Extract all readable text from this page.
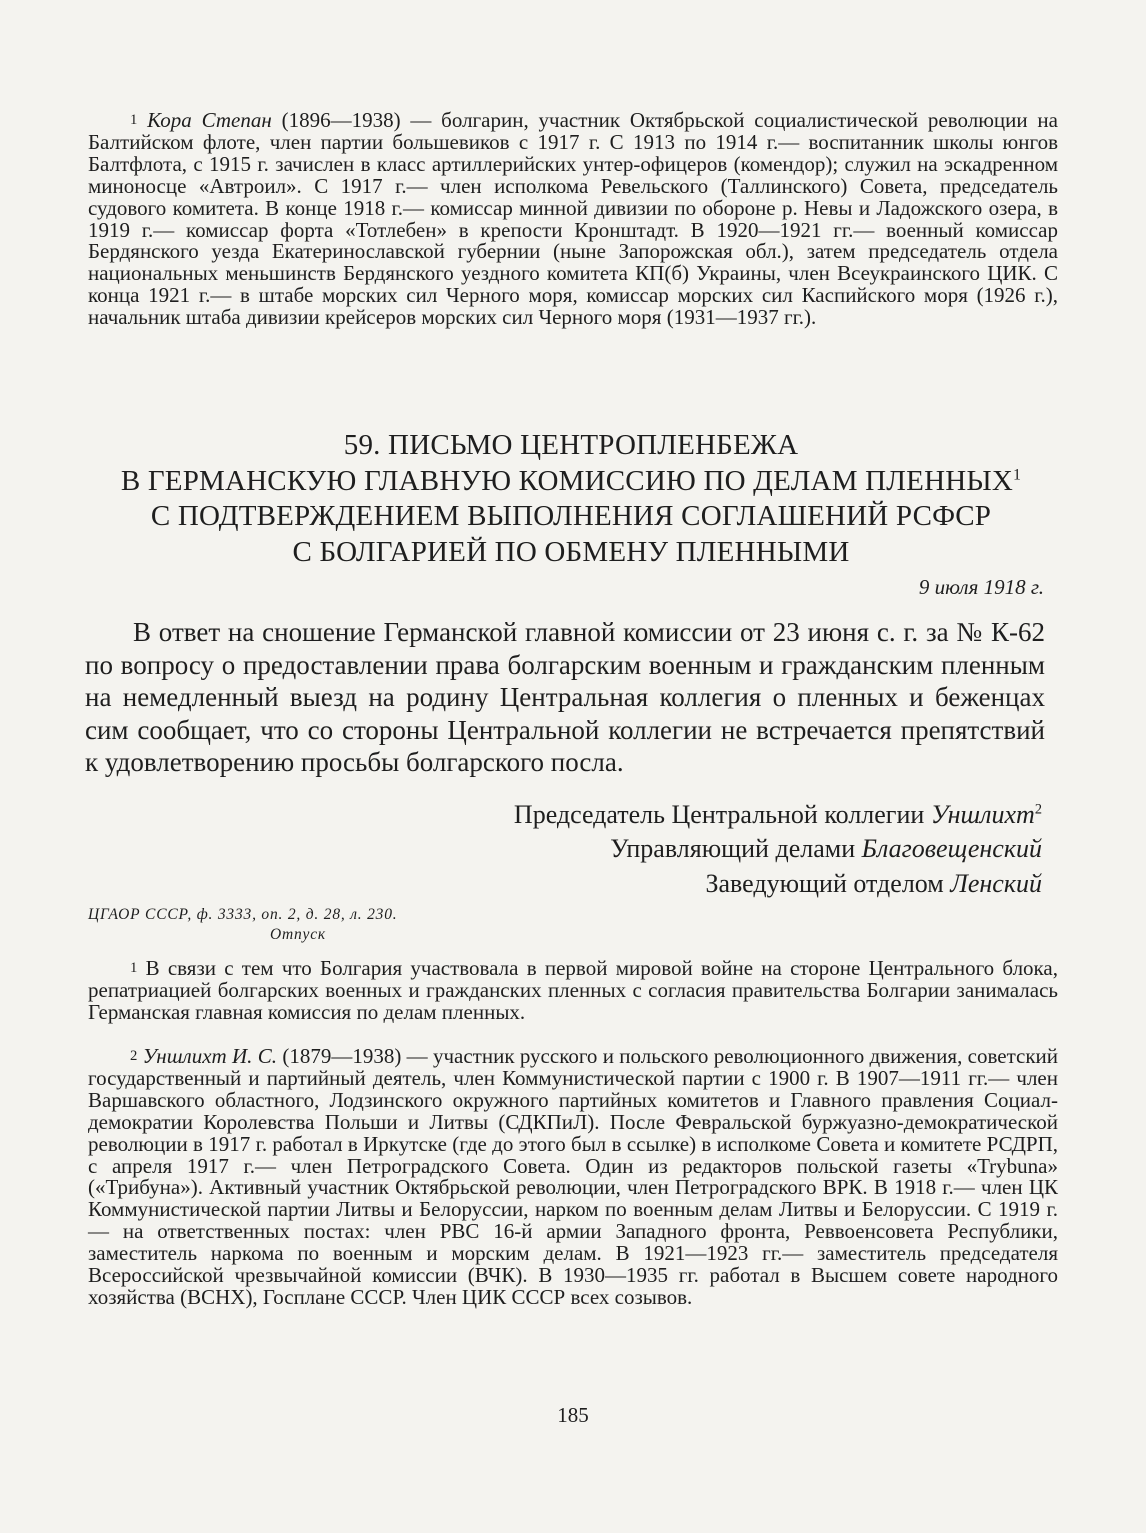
1 Кора Степан (1896—1938) — болгарин, участник Октябрьской социалистической революции на Балтийском флоте, член партии большевиков с 1917 г. С 1913 по 1914 г.— воспитанник школы юнгов Балтфлота, с 1915 г. зачислен в класс артиллерийских унтер-офицеров (комендор); служил на эскадренном миноносце «Автроил». С 1917 г.— член исполкома Ревельского (Таллинского) Совета, председатель судового комитета. В конце 1918 г.— комиссар минной дивизии по обороне р. Невы и Ладожского озера, в 1919 г.— комиссар форта «Тотлебен» в крепости Кронштадт. В 1920—1921 гг.— военный комиссар Бердянского уезда Екатеринославской губернии (ныне Запорожская обл.), затем председатель отдела национальных меньшинств Бердянского уездного комитета КП(б) Украины, член Всеукраинского ЦИК. С конца 1921 г.— в штабе морских сил Черного моря, комиссар морских сил Каспийского моря (1926 г.), начальник штаба дивизии крейсеров морских сил Черного моря (1931—1937 гг.).

59. ПИСЬМО ЦЕНТРОПЛЕНБЕЖА
В ГЕРМАНСКУЮ ГЛАВНУЮ КОМИССИЮ ПО ДЕЛАМ ПЛЕННЫХ$^1$
С ПОДТВЕРЖДЕНИЕМ ВЫПОЛНЕНИЯ СОГЛАШЕНИЙ РСФСР
С БОЛГАРИЕЙ ПО ОБМЕНУ ПЛЕННЫМИ

9 июля 1918 г.

В ответ на сношение Германской главной комиссии от 23 июня с. г. за № К-62 по вопросу о предоставлении права болгарским военным и гражданским пленным на немедленный выезд на родину Центральная коллегия о пленных и беженцах сим сообщает, что со стороны Центральной коллегии не встречается препятствий к удовлетворению просьбы болгарского посла.

Председатель Центральной коллегии Уншлихт$^2$

Управляющий делами Благовещенский

Заведующий отделом Ленский

ЦГАОР СССР, ф. 3333, оп. 2, д. 28, л. 230.

Отпуск

1 В связи с тем что Болгария участвовала в первой мировой войне на стороне Центрального блока, репатриацией болгарских военных и гражданских пленных с согласия правительства Болгарии занималась Германская главная комиссия по делам пленных.

2 Уншлихт И. С. (1879—1938) — участник русского и польского революционного движения, советский государственный и партийный деятель, член Коммунистической партии с 1900 г. В 1907—1911 гг.— член Варшавского областного, Лодзинского окружного партийных комитетов и Главного правления Социал-демократии Королевства Польши и Литвы (СДКПиЛ). После Февральской буржуазно-демократической революции в 1917 г. работал в Иркутске (где до этого был в ссылке) в исполкоме Совета и комитете РСДРП, с апреля 1917 г.— член Петроградского Совета. Один из редакторов польской газеты «Trybuna» («Трибуна»). Активный участник Октябрьской революции, член Петроградского ВРК. В 1918 г.— член ЦК Коммунистической партии Литвы и Белоруссии, нарком по военным делам Литвы и Белоруссии. С 1919 г.— на ответственных постах: член РВС 16-й армии Западного фронта, Реввоенсовета Республики, заместитель наркома по военным и морским делам. В 1921—1923 гг.— заместитель председателя Всероссийской чрезвычайной комиссии (ВЧК). В 1930—1935 гг. работал в Высшем совете народного хозяйства (ВСНХ), Госплане СССР. Член ЦИК СССР всех созывов.

185
